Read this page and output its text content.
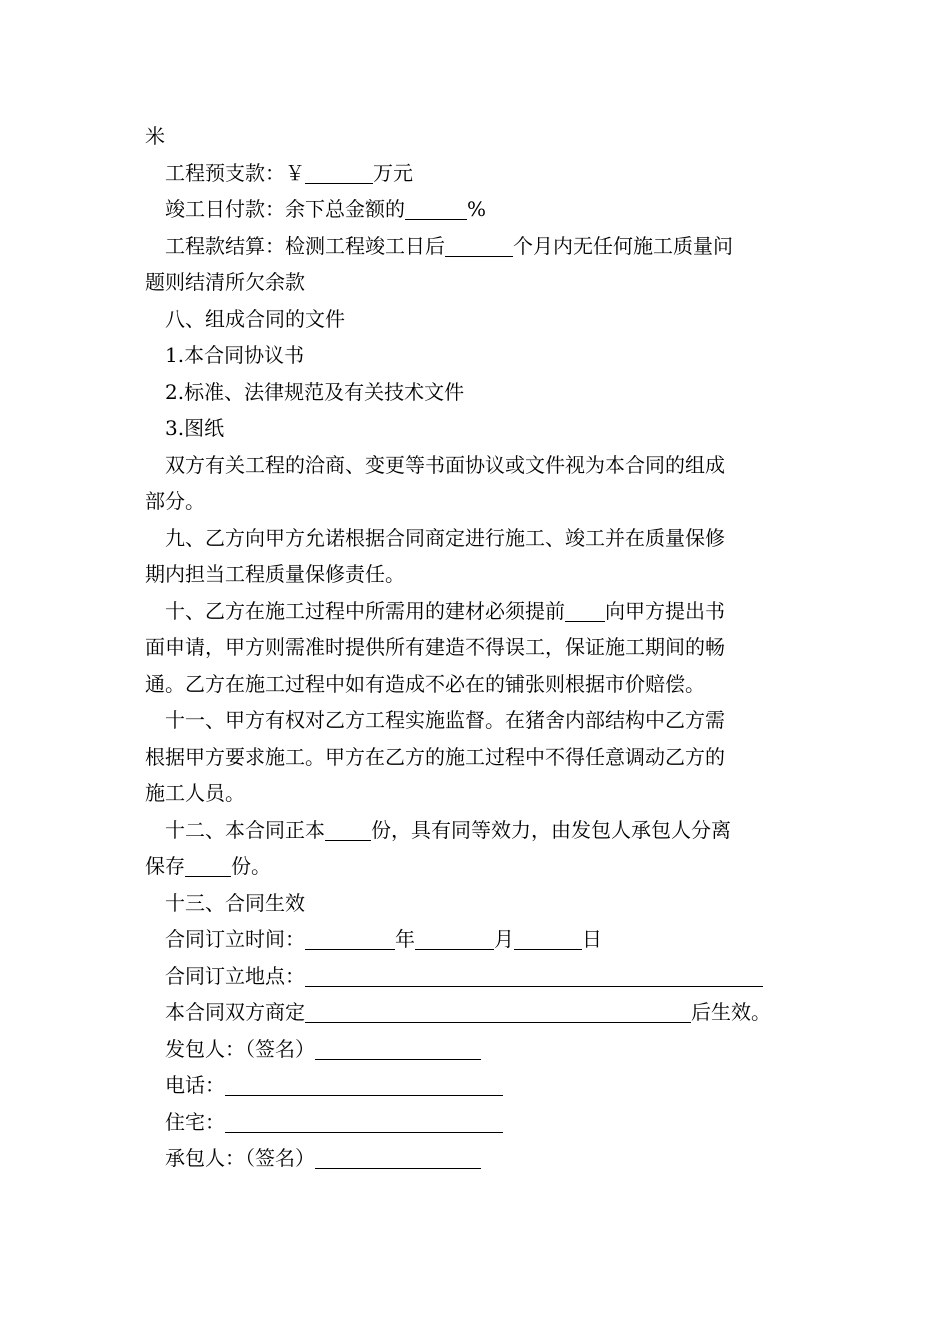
米
工程预支款：￥	万元
竣工日付款：余下总金额的	%
工程款结算：检测工程竣工日后	个月内无任何施工质量问
题则结清所欠余款
八、组成合同的文件
1.本合同协议书
2.标准、法律规范及有关技术文件
3.图纸
双方有关工程的洽商、变更等书面协议或文件视为本合同的组成
部分。
九、乙方向甲方允诺根据合同商定进行施工、竣工并在质量保修
期内担当工程质量保修责任。
十、乙方在施工过程中所需用的建材必须提前 向甲方提出书
面申请，甲方则需准时提供所有建造不得误工，保证施工期间的畅
通。乙方在施工过程中如有造成不必在的铺张则根据市价赔偿。
十一、甲方有权对乙方工程实施监督。在猪舍内部结构中乙方需
根据甲方要求施工。甲方在乙方的施工过程中不得任意调动乙方的
施工人员。
十二、本合同正本 份，具有同等效力，由发包人承包人分离
保存 份。
十三、合同生效
合同订立时间：	年	月	日
合同订立地点：
本合同双方商定	后生效。
发包人：（签名）
电话：
住宅：
承包人：（签名）
